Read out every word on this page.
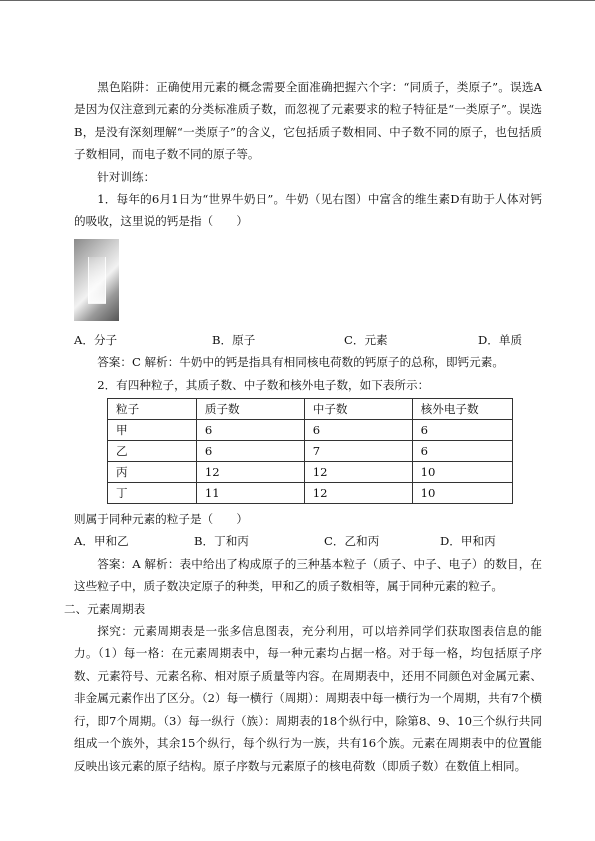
黑色陷阱：正确使用元素的概念需要全面准确把握六个字：“同质子，类原子”。误选A是因为仅注意到元素的分类标准质子数，而忽视了元素要求的粒子特征是“一类原子”。误选B，是没有深刻理解“一类原子”的含义，它包括质子数相同、中子数不同的原子，也包括质子数相同，而电子数不同的原子等。

针对训练：

1．每年的6月1日为“世界牛奶日”。牛奶（见右图）中富含的维生素D有助于人体对钙的吸收，这里说的钙是指（　　）

A．分子	B．原子	C．元素	D．单质

答案：C 解析：牛奶中的钙是指具有相同核电荷数的钙原子的总称，即钙元素。

2．有四种粒子，其质子数、中子数和核外电子数，如下表所示：

粒子	质子数	中子数	核外电子数
甲	6	6	6
乙	6	7	6
丙	12	12	10
丁	11	12	10

则属于同种元素的粒子是（　　）

A．甲和乙	B．丁和丙	C．乙和丙	D．甲和丙

答案：A 解析：表中给出了构成原子的三种基本粒子（质子、中子、电子）的数目，在这些粒子中，质子数决定原子的种类，甲和乙的质子数相等，属于同种元素的粒子。

二、元素周期表

探究：元素周期表是一张多信息图表，充分利用，可以培养同学们获取图表信息的能力。（1）每一格：在元素周期表中，每一种元素均占据一格。对于每一格，均包括原子序数、元素符号、元素名称、相对原子质量等内容。在周期表中，还用不同颜色对金属元素、非金属元素作出了区分。（2）每一横行（周期）：周期表中每一横行为一个周期，共有7个横行，即7个周期。（3）每一纵行（族）：周期表的18个纵行中，除第8、9、10三个纵行共同组成一个族外，其余15个纵行，每个纵行为一族，共有16个族。元素在周期表中的位置能反映出该元素的原子结构。原子序数与元素原子的核电荷数（即质子数）在数值上相同。
